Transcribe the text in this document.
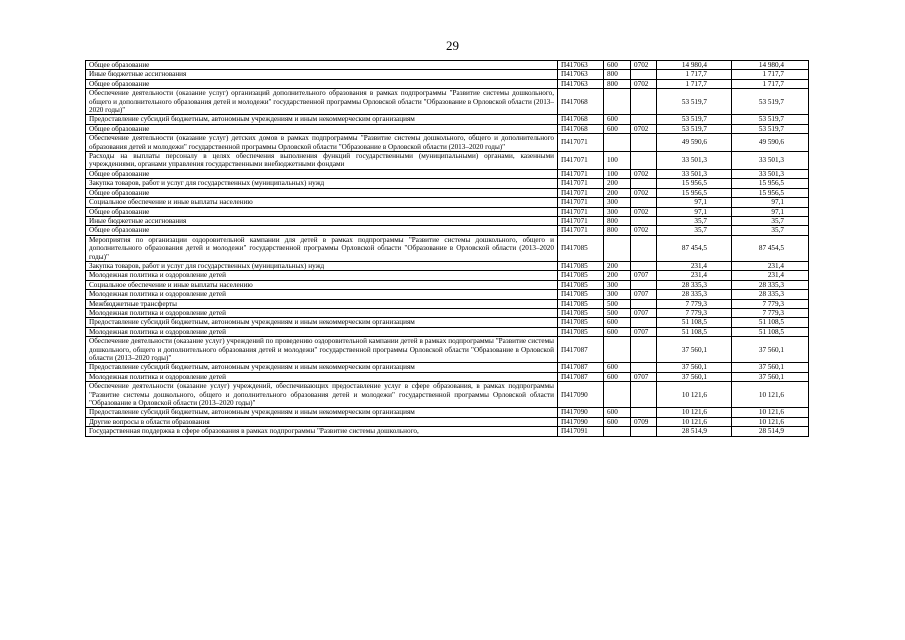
29
Общее образование	П417063	600	0702	14 980,4	14 980,4
Иные бюджетные ассигнования	П417063	800		1 717,7	1 717,7
Общее образование	П417063	800	0702	1 717,7	1 717,7
Обеспечение деятельности (оказание услуг) организаций дополнительного образования в рамках подпрограммы "Развитие системы дошкольного, общего и дополнительного образования детей и молодежи" государственной программы Орловской области "Образование в Орловской области (2013–2020 годы)"	П417068			53 519,7	53 519,7
Предоставление субсидий бюджетным, автономным учреждениям и иным некоммерческим организациям	П417068	600		53 519,7	53 519,7
Общее образование	П417068	600	0702	53 519,7	53 519,7
Обеспечение деятельности (оказание услуг) детских домов в рамках подпрограммы "Развитие системы дошкольного, общего и дополнительного образования детей и молодежи" государственной программы Орловской области "Образование в Орловской области (2013–2020 годы)"	П417071			49 590,6	49 590,6
Расходы на выплаты персоналу в целях обеспечения выполнения функций государственными (муниципальными) органами, казенными учреждениями, органами управления государственными внебюджетными фондами	П417071	100		33 501,3	33 501,3
Общее образование	П417071	100	0702	33 501,3	33 501,3
Закупка товаров, работ и услуг для государственных (муниципальных) нужд	П417071	200		15 956,5	15 956,5
Общее образование	П417071	200	0702	15 956,5	15 956,5
Социальное обеспечение и иные выплаты населению	П417071	300		97,1	97,1
Общее образование	П417071	300	0702	97,1	97,1
Иные бюджетные ассигнования	П417071	800		35,7	35,7
Общее образование	П417071	800	0702	35,7	35,7
Мероприятия по организации оздоровительной кампании для детей в рамках подпрограммы "Развитие системы дошкольного, общего и дополнительного образования детей и молодежи" государственной программы Орловской области "Образование в Орловской области (2013–2020 годы)"	П417085			87 454,5	87 454,5
Закупка товаров, работ и услуг для государственных (муниципальных) нужд	П417085	200		231,4	231,4
Молодежная политика и оздоровление детей	П417085	200	0707	231,4	231,4
Социальное обеспечение и иные выплаты населению	П417085	300		28 335,3	28 335,3
Молодежная политика и оздоровление детей	П417085	300	0707	28 335,3	28 335,3
Межбюджетные трансферты	П417085	500		7 779,3	7 779,3
Молодежная политика и оздоровление детей	П417085	500	0707	7 779,3	7 779,3
Предоставление субсидий бюджетным, автономным учреждениям и иным некоммерческим организациям	П417085	600		51 108,5	51 108,5
Молодежная политика и оздоровление детей	П417085	600	0707	51 108,5	51 108,5
Обеспечение деятельности (оказание услуг) учреждений по проведению оздоровительной кампании детей в рамках подпрограммы "Развитие системы дошкольного, общего и дополнительного образования детей и молодежи" государственной программы Орловской области "Образование в Орловской области (2013–2020 годы)"	П417087			37 560,1	37 560,1
Предоставление субсидий бюджетным, автономным учреждениям и иным некоммерческим организациям	П417087	600		37 560,1	37 560,1
Молодежная политика и оздоровление детей	П417087	600	0707	37 560,1	37 560,1
Обеспечение деятельности (оказание услуг) учреждений, обеспечивающих предоставление услуг в сфере образования, в рамках подпрограммы "Развитие системы дошкольного, общего и дополнительного образования детей и молодежи" государственной программы Орловской области "Образование в Орловской области (2013–2020 годы)"	П417090			10 121,6	10 121,6
Предоставление субсидий бюджетным, автономным учреждениям и иным некоммерческим организациям	П417090	600		10 121,6	10 121,6
Другие вопросы в области образования	П417090	600	0709	10 121,6	10 121,6
Государственная поддержка в сфере образования в рамках подпрограммы "Развитие системы дошкольного,	П417091			28 514,9	28 514,9
